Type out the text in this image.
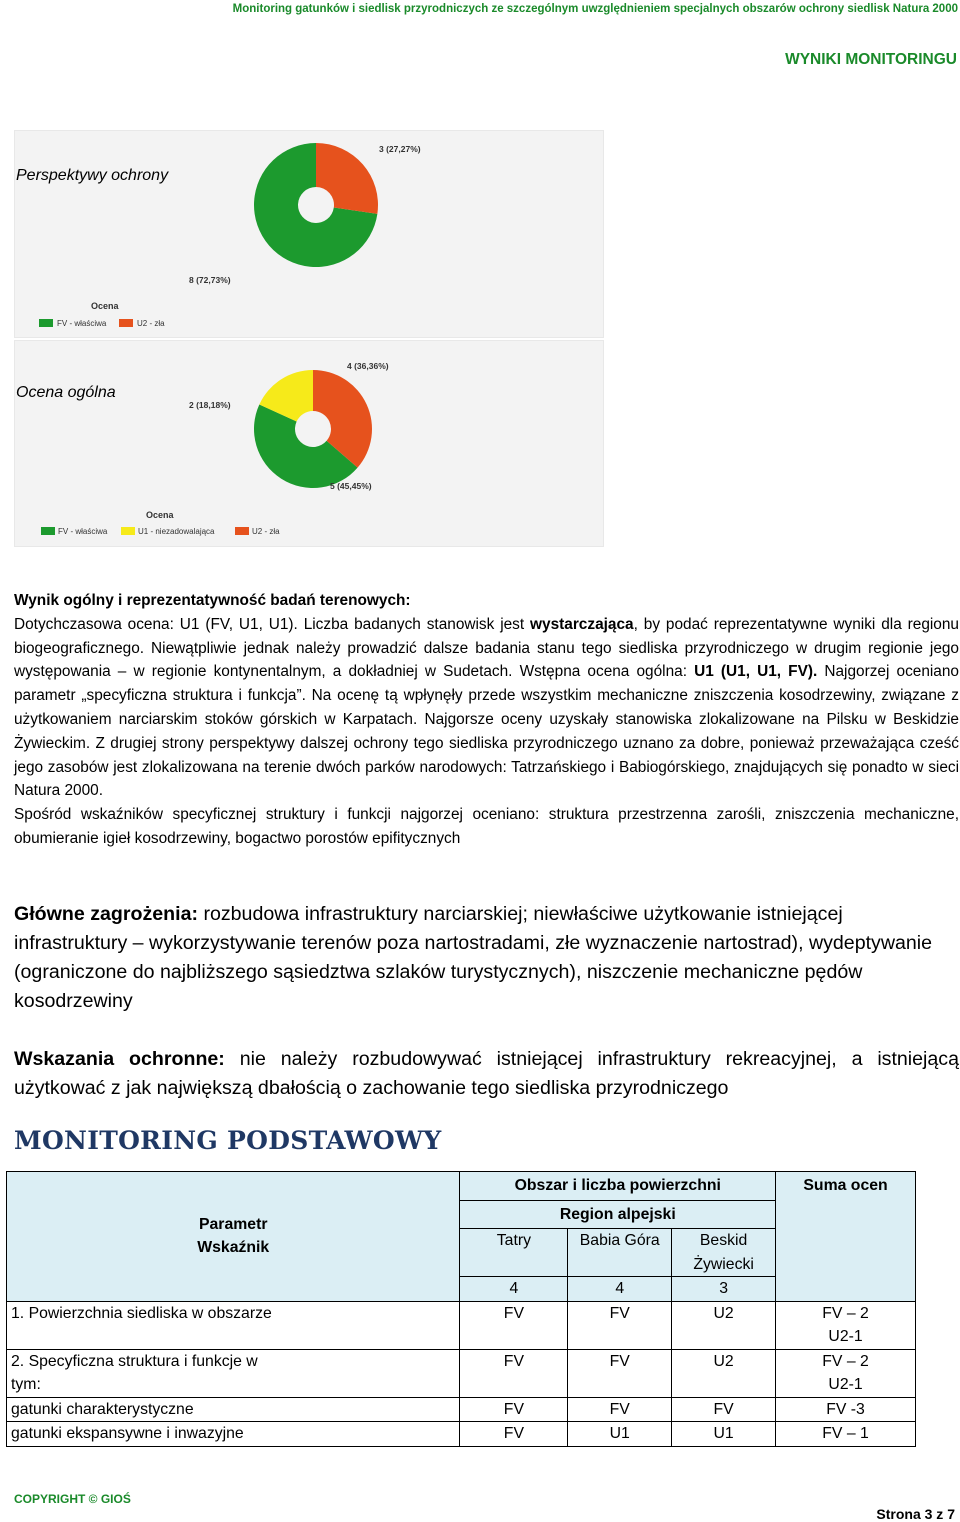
Monitoring gatunków i siedlisk przyrodniczych ze szczególnym uwzględnieniem specjalnych obszarów ochrony siedlisk Natura 2000
WYNIKI MONITORINGU
Perspektywy ochrony
3 (27,27%)
8 (72,73%)
Ocena
FV - właściwa	U2 - zła
Ocena ogólna
4 (36,36%)
2 (18,18%)
5 (45,45%)
Ocena
FV - właściwa	U1 - niezadowalająca	U2 - zła

Wynik ogólny i reprezentatywność badań terenowych:

Dotychczasowa ocena: U1 (FV, U1, U1). Liczba badanych stanowisk jest wystarczająca, by podać reprezentatywne wyniki dla regionu biogeograficznego. Niewątpliwie jednak należy prowadzić dalsze badania stanu tego siedliska przyrodniczego w drugim regionie jego występowania – w regionie kontynentalnym, a dokładniej w Sudetach. Wstępna ocena ogólna: U1 (U1, U1, FV). Najgorzej oceniano parametr „specyficzna struktura i funkcja”. Na ocenę tą wpłynęły przede wszystkim mechaniczne zniszczenia kosodrzewiny, związane z użytkowaniem narciarskim stoków górskich w Karpatach. Najgorsze oceny uzyskały stanowiska zlokalizowane na Pilsku w Beskidzie Żywieckim. Z drugiej strony perspektywy dalszej ochrony tego siedliska przyrodniczego uznano za dobre, ponieważ przeważająca cześć jego zasobów jest zlokalizowana na terenie dwóch parków narodowych: Tatrzańskiego i Babiogórskiego, znajdujących się ponadto w sieci Natura 2000.

Spośród wskaźników specyficznej struktury i funkcji najgorzej oceniano: struktura przestrzenna zarośli, zniszczenia mechaniczne, obumieranie igieł kosodrzewiny, bogactwo porostów epifitycznych

Główne zagrożenia: rozbudowa infrastruktury narciarskiej; niewłaściwe użytkowanie istniejącej infrastruktury – wykorzystywanie terenów poza nartostradami, złe wyznaczenie nartostrad), wydeptywanie (ograniczone do najbliższego sąsiedztwa szlaków turystycznych), niszczenie mechaniczne pędów kosodrzewiny

Wskazania ochronne: nie należy rozbudowywać istniejącej infrastruktury rekreacyjnej, a istniejącą użytkować z jak największą dbałością o zachowanie tego siedliska przyrodniczego

MONITORING PODSTAWOWY
Parametr
Wskaźnik	Obszar i liczba powierzchni			Suma ocen
	Region alpejski			
	Tatry	Babia Góra	Beskid Żywiecki	
	4	4	3	
1. Powierzchnia siedliska w obszarze	FV	FV	U2	FV – 2 U2-1
2. Specyficzna struktura i funkcje w tym:	FV	FV	U2	FV – 2 U2-1
gatunki charakterystyczne	FV	FV	FV	FV -3
gatunki ekspansywne i inwazyjne	FV	U1	U1	FV – 1
COPYRIGHT © GIOŚ
Strona 3 z 7
